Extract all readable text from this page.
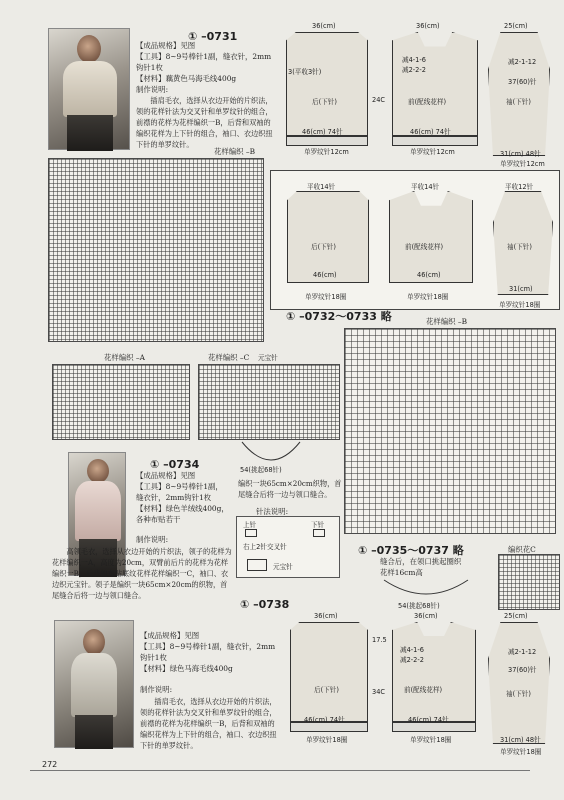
① –0731
【成品规格】见图
【工具】8~9号棒针1副，缝衣针，2mm钩针1枚
【材料】藕黄色马海毛线400g
制作说明:
插肩毛衣，选择从衣边开始的片织法，领的花样针法为交叉针和单罗纹针的组合，前襟的花样为花样编织一B，后背和双袖的编织花样为上下针的组合，袖口、衣边织扭下针的单罗纹针。
36(cm)
后(下针)
3(平收3针)
24C
46(cm) 74针
单罗纹针12cm
36(cm)
减4-1-6
减2-2-2
前(配线花样)
46(cm) 74针
单罗纹针12cm
25(cm)
减2-1-12
37(60)针
袖(下针)
31(cm) 48针
单罗纹针12cm
花样编织 –B
平收14针
后(下针)
46(cm)
单罗纹针18圈
平收14针
前(配线花样)
46(cm)
单罗纹针18圈
平收12针
袖(下针)
31(cm)
单罗纹针18圈
① –0732～0733 略	花样编织 –B
花样编织 –A	花样编织 –C 元宝针
54(挑起68针)
编织一块65cm×20cm织物，首尾缝合后将一边与领口缝合。
① –0734
【成品规格】见图
【工具】8~9号棒针1副，缝衣针，2mm钩针1枚
【材料】绿色羊绒线400g，各种布贴若干
制作说明:
高领毛衣，选择从衣边开始的片织法，领子的花样为花样编织一A，高度为20cm，双臂前后片的花样为花样编织一B，后背的布贴底纹花样花样编织一C，袖口、衣边织元宝针。领子是编织一块65cm×20cm的织物，首尾缝合后将一边与领口缝合。
针法说明:
上针	下针
右上2针交叉针
元宝针
① –0735～0737 略
缝合后，在领口挑起圈织花样16cm高
54(挑起68针)
编织花C
① –0738
【成品规格】见图
【工具】8~9号棒针1副，缝衣针，2mm钩针1枚
【材料】绿色马海毛线400g
制作说明:
插肩毛衣，选择从衣边开始的片织法，领的花样针法为交叉针和单罗纹针的组合，前襟的花样为花样编织一B，后背和双袖的编织花样为上下针的组合，袖口、衣边织扭下针的单罗纹针。
36(cm)
后(下针)	34C
17.5
46(cm) 74针
单罗纹针18圈
36(cm)
减4-1-6
减2-2-2
前(配线花样)
46(cm) 74针
单罗纹针18圈
25(cm)
减2-1-12
37(60)针
袖(下针)
31(cm) 48针
单罗纹针18圈
272
